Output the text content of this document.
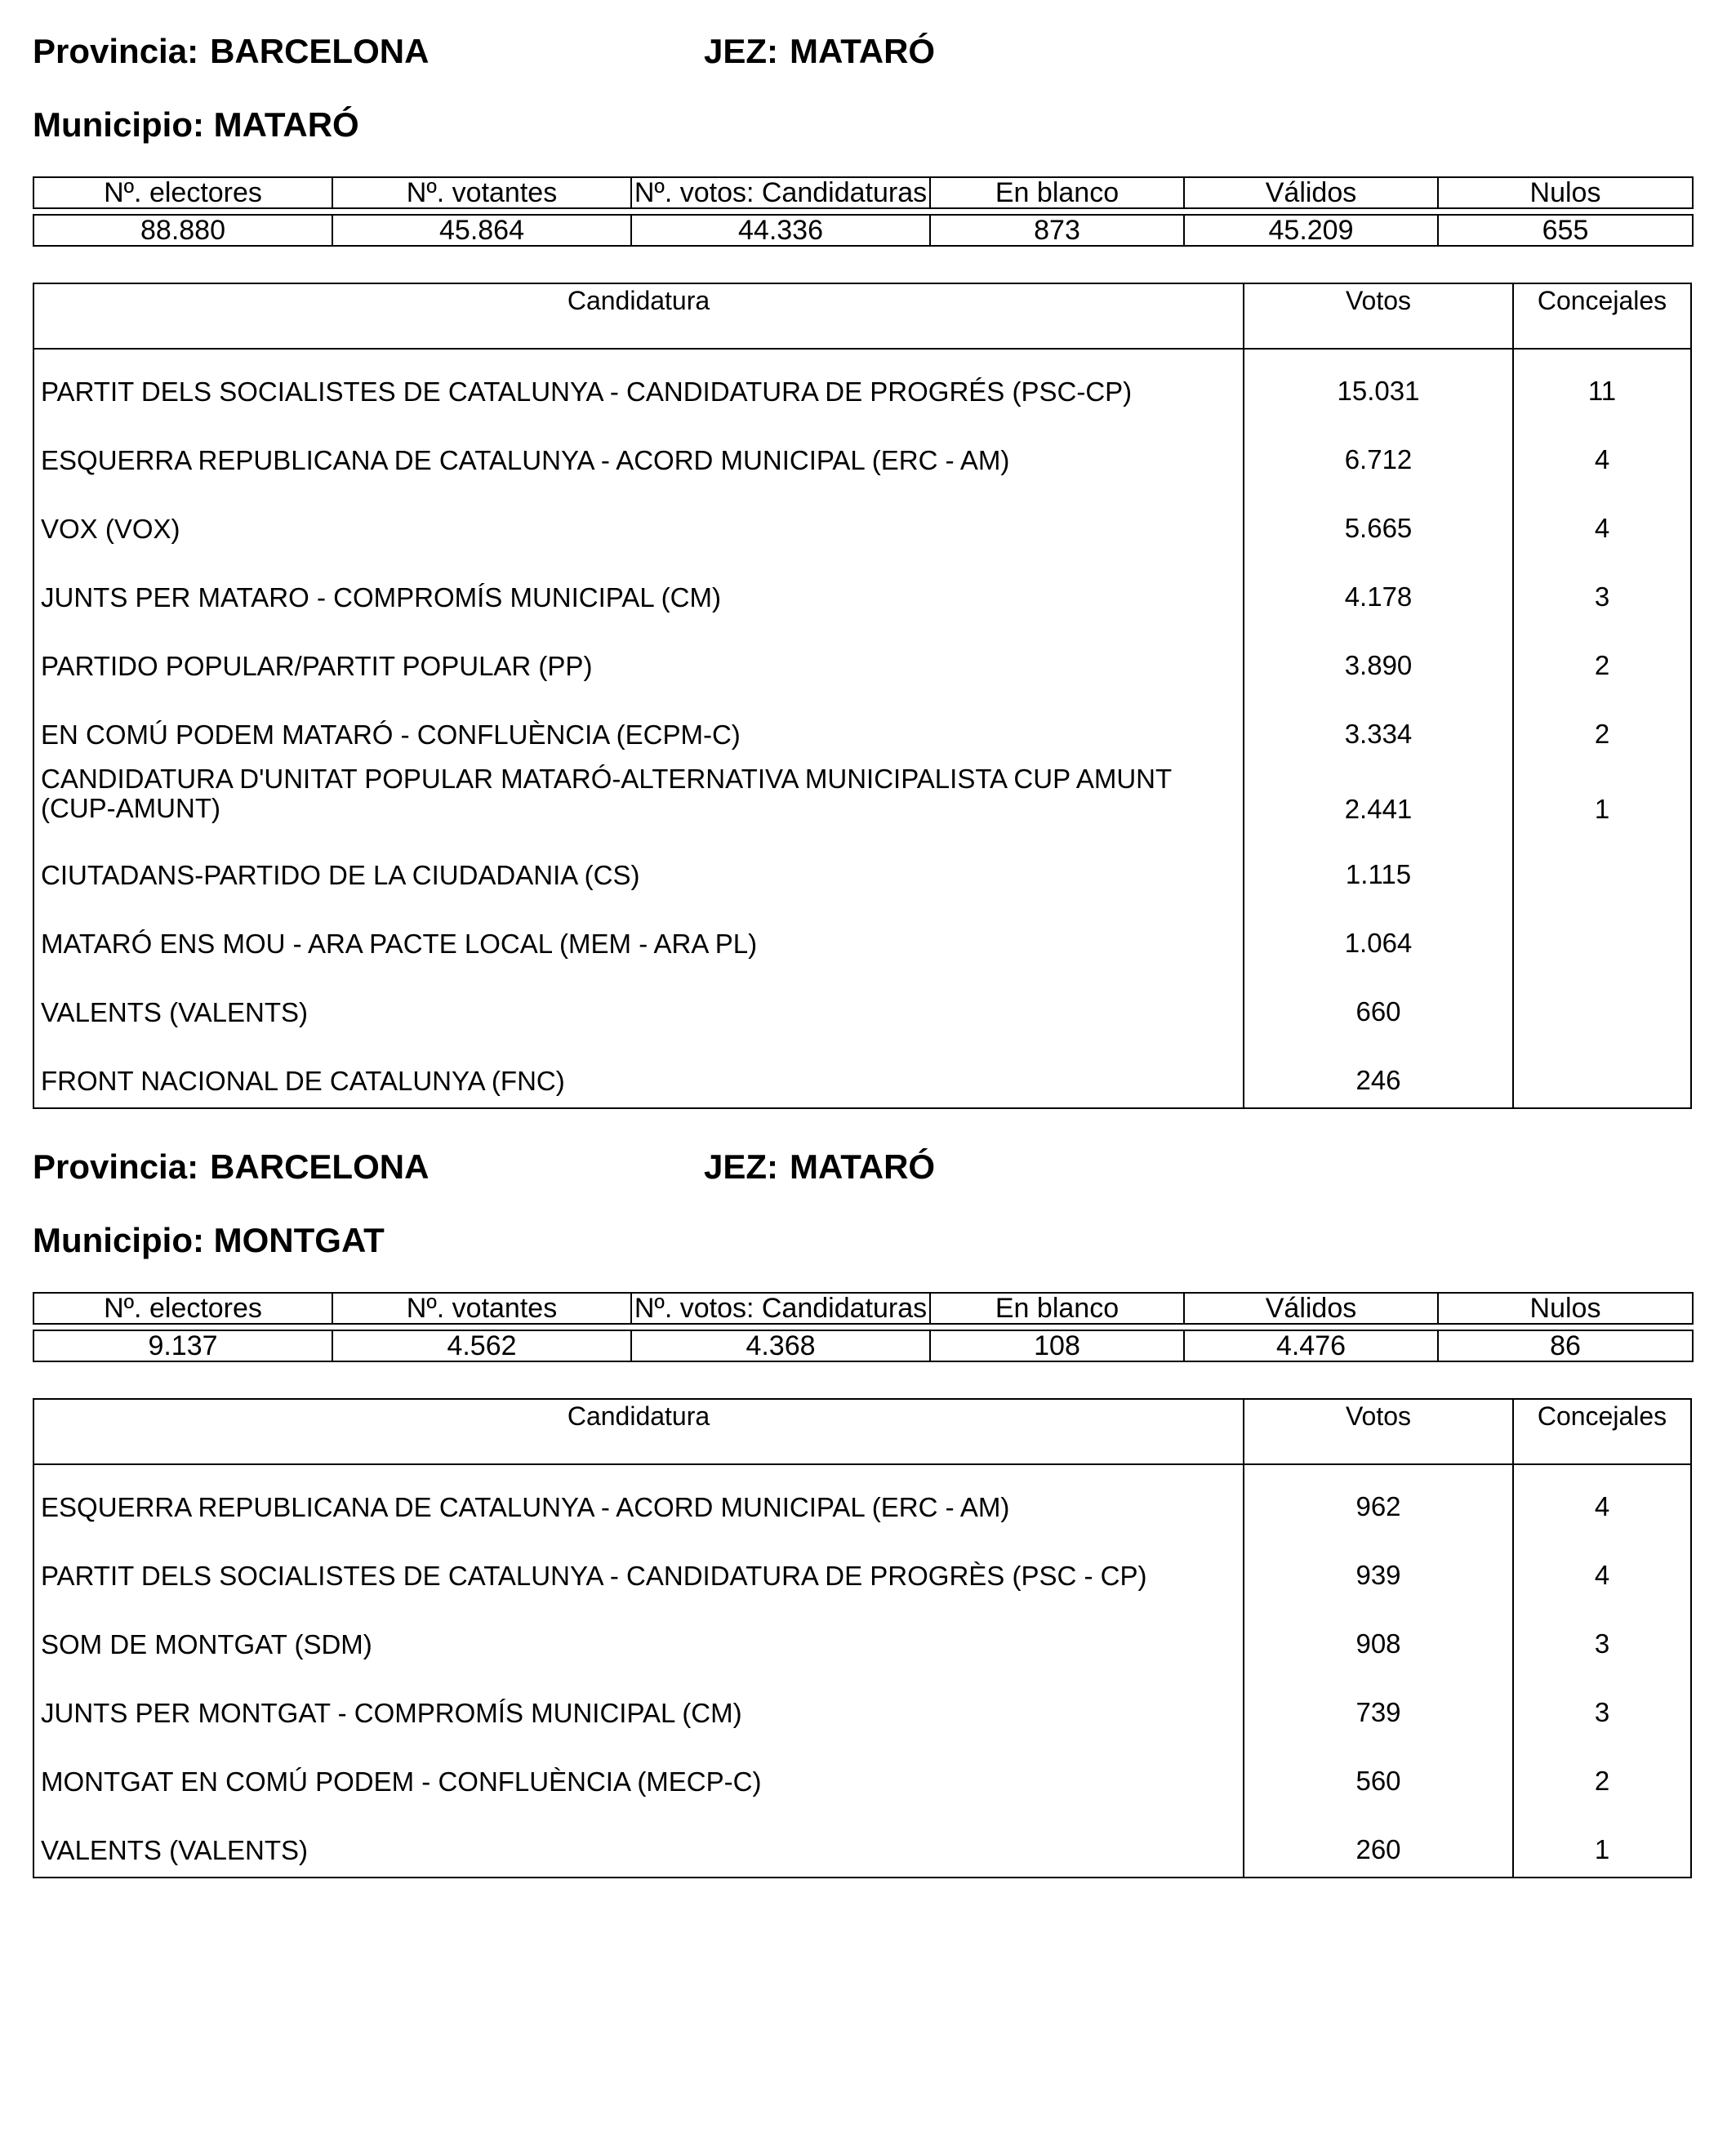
Provincia: BARCELONA	JEZ: MATARÓ
Municipio: MATARÓ
Nº. electores	Nº. votantes	Nº. votos: Candidaturas	En blanco	Válidos	Nulos

88.880	45.864	44.336	873	45.209	655
Candidatura	Votos	Concejales
PARTIT DELS SOCIALISTES DE CATALUNYA - CANDIDATURA DE PROGRÉS (PSC-CP)	15.031	11
ESQUERRA REPUBLICANA DE CATALUNYA - ACORD MUNICIPAL (ERC - AM)	6.712	4
VOX (VOX)	5.665	4
JUNTS PER MATARO - COMPROMÍS MUNICIPAL (CM)	4.178	3
PARTIDO POPULAR/PARTIT POPULAR (PP)	3.890	2
EN COMÚ PODEM MATARÓ - CONFLUÈNCIA (ECPM-C)	3.334	2
CANDIDATURA D'UNITAT POPULAR MATARÓ-ALTERNATIVA MUNICIPALISTA CUP AMUNT (CUP-AMUNT)	2.441	1
CIUTADANS-PARTIDO DE LA CIUDADANIA (CS)	1.115
MATARÓ ENS MOU - ARA PACTE LOCAL (MEM - ARA PL)	1.064
VALENTS (VALENTS)	660
FRONT NACIONAL DE CATALUNYA (FNC)	246
Provincia: BARCELONA	JEZ: MATARÓ
Municipio: MONTGAT
Nº. electores	Nº. votantes	Nº. votos: Candidaturas	En blanco	Válidos	Nulos

9.137	4.562	4.368	108	4.476	86
Candidatura	Votos	Concejales
ESQUERRA REPUBLICANA DE CATALUNYA - ACORD MUNICIPAL (ERC - AM)	962	4
PARTIT DELS SOCIALISTES DE CATALUNYA - CANDIDATURA DE PROGRÈS (PSC - CP)	939	4
SOM DE MONTGAT (SDM)	908	3
JUNTS PER MONTGAT - COMPROMÍS MUNICIPAL (CM)	739	3
MONTGAT EN COMÚ PODEM - CONFLUÈNCIA (MECP-C)	560	2
VALENTS (VALENTS)	260	1
